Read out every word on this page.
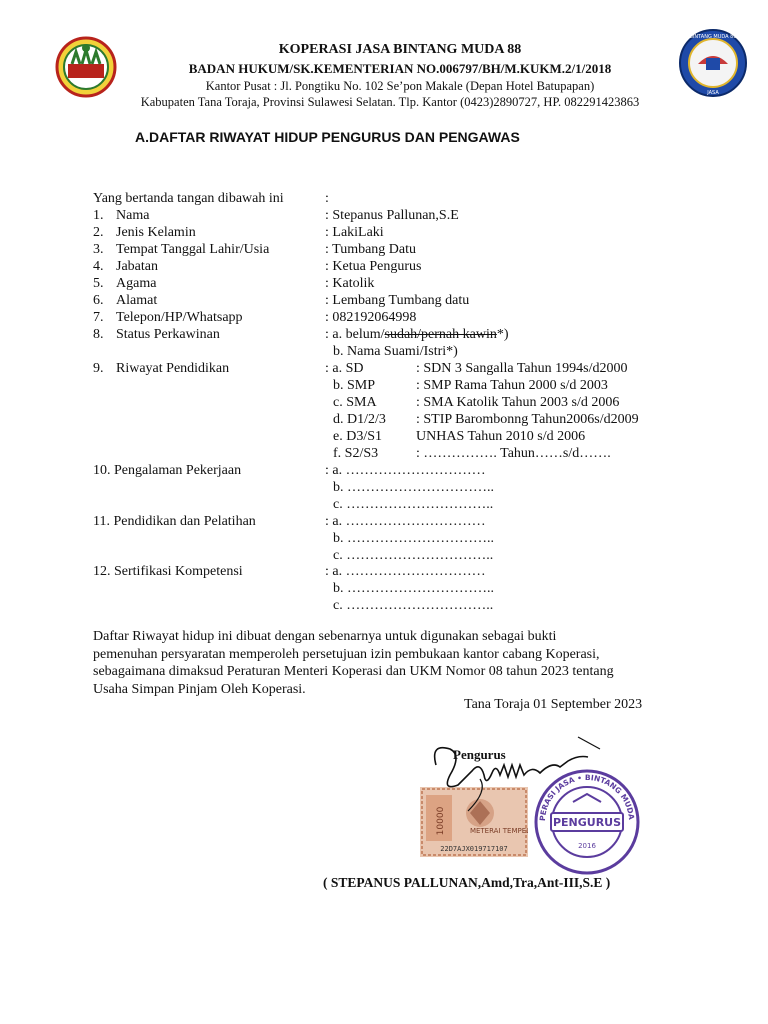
BINTANG MUDA 88
JASA
KOPERASI JASA BINTANG MUDA 88
BADAN HUKUM/SK.KEMENTERIAN NO.006797/BH/M.KUKM.2/1/2018
Kantor Pusat : Jl. Pongtiku No. 102 Se’pon Makale (Depan Hotel Batupapan)
Kabupaten Tana Toraja, Provinsi Sulawesi Selatan. Tlp. Kantor (0423)2890727, HP. 082291423863
A.DAFTAR RIWAYAT HIDUP PENGURUS DAN PENGAWAS
Yang bertanda tangan dibawah ini	:
1. Nama	: Stepanus Pallunan,S.E
2. Jenis Kelamin	: LakiLaki
3. Tempat Tanggal Lahir/Usia	: Tumbang Datu
4. Jabatan	: Ketua Pengurus
5. Agama	: Katolik
6. Alamat	: Lembang Tumbang datu
7. Telepon/HP/Whatsapp	: 082192064998
8. Status Perkawinan	: a. belum/sudah/pernah kawin*)
b. Nama Suami/Istri*)
9. Riwayat Pendidikan	: a. SD	: SDN 3 Sangalla Tahun 1994s/d2000
b. SMP	: SMP Rama Tahun 2000 s/d 2003
c. SMA	: SMA Katolik Tahun 2003 s/d 2006
d. D1/2/3 : STIP Barombonng Tahun2006s/d2009
e. D3/S1 UNHAS Tahun 2010 s/d 2006
f. S2/S3	: ……………. Tahun……s/d…….
10. Pengalaman Pekerjaan	: a. …………………………
b. …………………………..
c. …………………………..
11. Pendidikan dan Pelatihan	: a. …………………………
b. …………………………..
c. …………………………..
12. Sertifikasi Kompetensi	: a. …………………………
b. …………………………..
c. …………………………..
Daftar Riwayat hidup ini dibuat dengan sebenarnya untuk digunakan sebagai bukti
pemenuhan persyaratan memperoleh persetujuan izin pembukaan kantor cabang Koperasi,
sebagaimana dimaksud Peraturan Menteri Koperasi dan UKM Nomor 08 tahun 2023 tentang
Usaha Simpan Pinjam Oleh Koperasi.
Tana Toraja 01 September 2023
Pengurus
10000	METERAI TEMPEL
22D7AJX019717107
PERASI JASA • BINTANG MUDA
PENGURUS
2016
( STEPANUS PALLUNAN,Amd,Tra,Ant-III,S.E )
